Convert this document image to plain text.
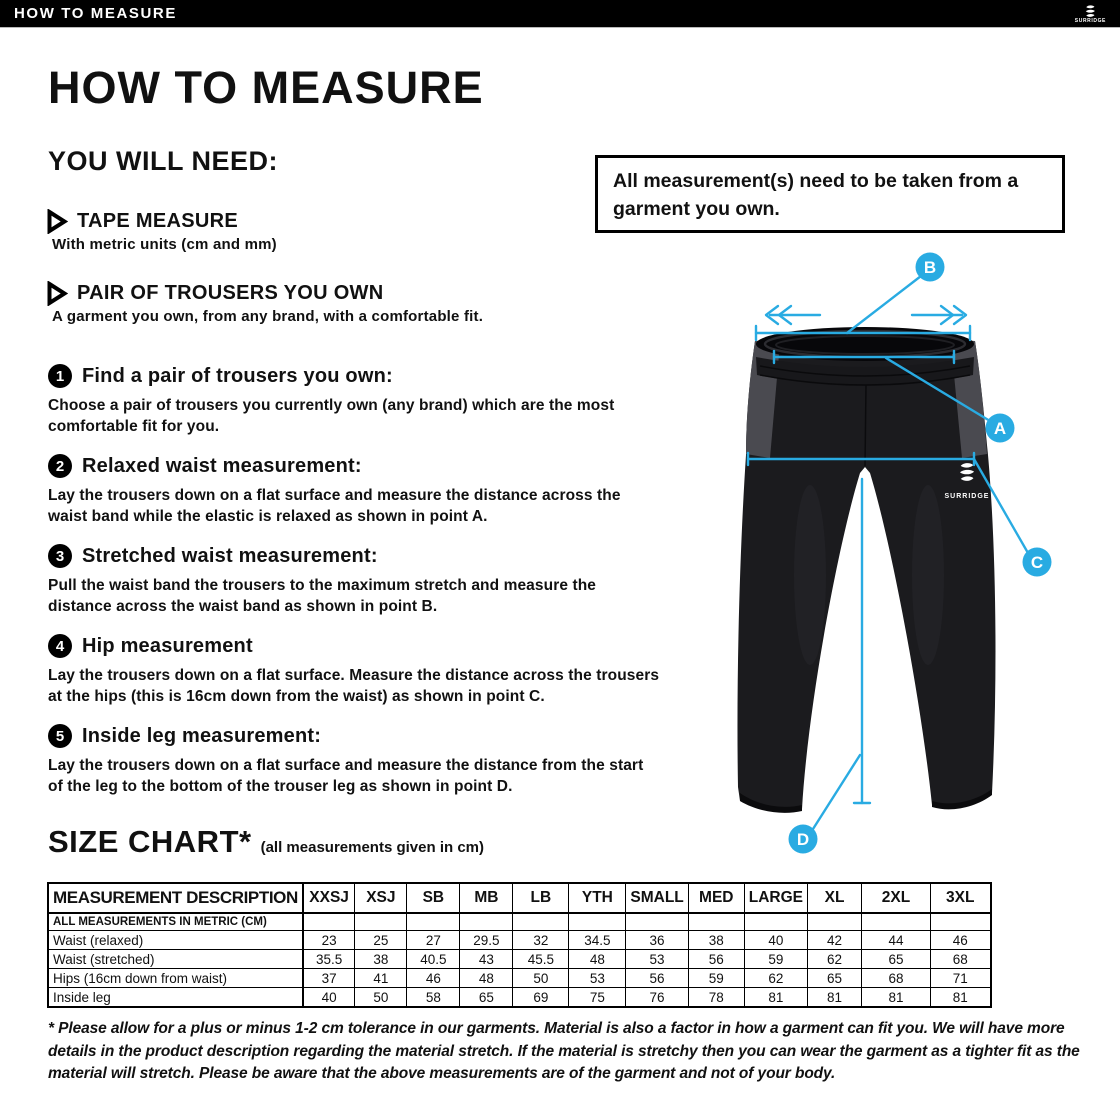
HOW TO MEASURE	SURRIDGE
HOW TO MEASURE
YOU WILL NEED:
TAPE MEASURE
With metric units (cm and mm)
PAIR OF TROUSERS YOU OWN
A garment you own, from any brand, with a comfortable fit.
1 Find a pair of trousers you own:
Choose a pair of trousers you currently own (any brand) which are the most comfortable fit for you.
2 Relaxed waist measurement:
Lay the trousers down on a flat surface and measure the distance across the waist band while the elastic is relaxed as shown in point A.
3 Stretched waist measurement:
Pull the waist band the trousers to the maximum stretch and measure the distance across the waist band as shown in point B.
4 Hip measurement
Lay the trousers down on a flat surface. Measure the distance across the trousers at the hips (this is 16cm down from the waist) as shown in point C.
5 Inside leg measurement:
Lay the trousers down on a flat surface and measure the distance from the start of the leg to the bottom of the trouser leg as shown in point D.
All measurement(s) need to be taken from a garment you own.
SURRIDGE
B
A
C
D
SIZE CHART* (all measurements given in cm)
MEASUREMENT DESCRIPTION	XXSJ	XSJ	SB	MB	LB	YTH	SMALL	MED	LARGE	XL	2XL	3XL
ALL MEASUREMENTS IN METRIC (CM)												
Waist (relaxed)	23	25	27	29.5	32	34.5	36	38	40	42	44	46
Waist (stretched)	35.5	38	40.5	43	45.5	48	53	56	59	62	65	68
Hips (16cm down from waist)	37	41	46	48	50	53	56	59	62	65	68	71
Inside leg	40	50	58	65	69	75	76	78	81	81	81	81
* Please allow for a plus or minus 1-2 cm tolerance in our garments. Material is also a factor in how a garment can fit you. We will have more details in the product description regarding the material stretch. If the material is stretchy then you can wear the garment as a tighter fit as the material will stretch. Please be aware that the above measurements are of the garment and not of your body.
